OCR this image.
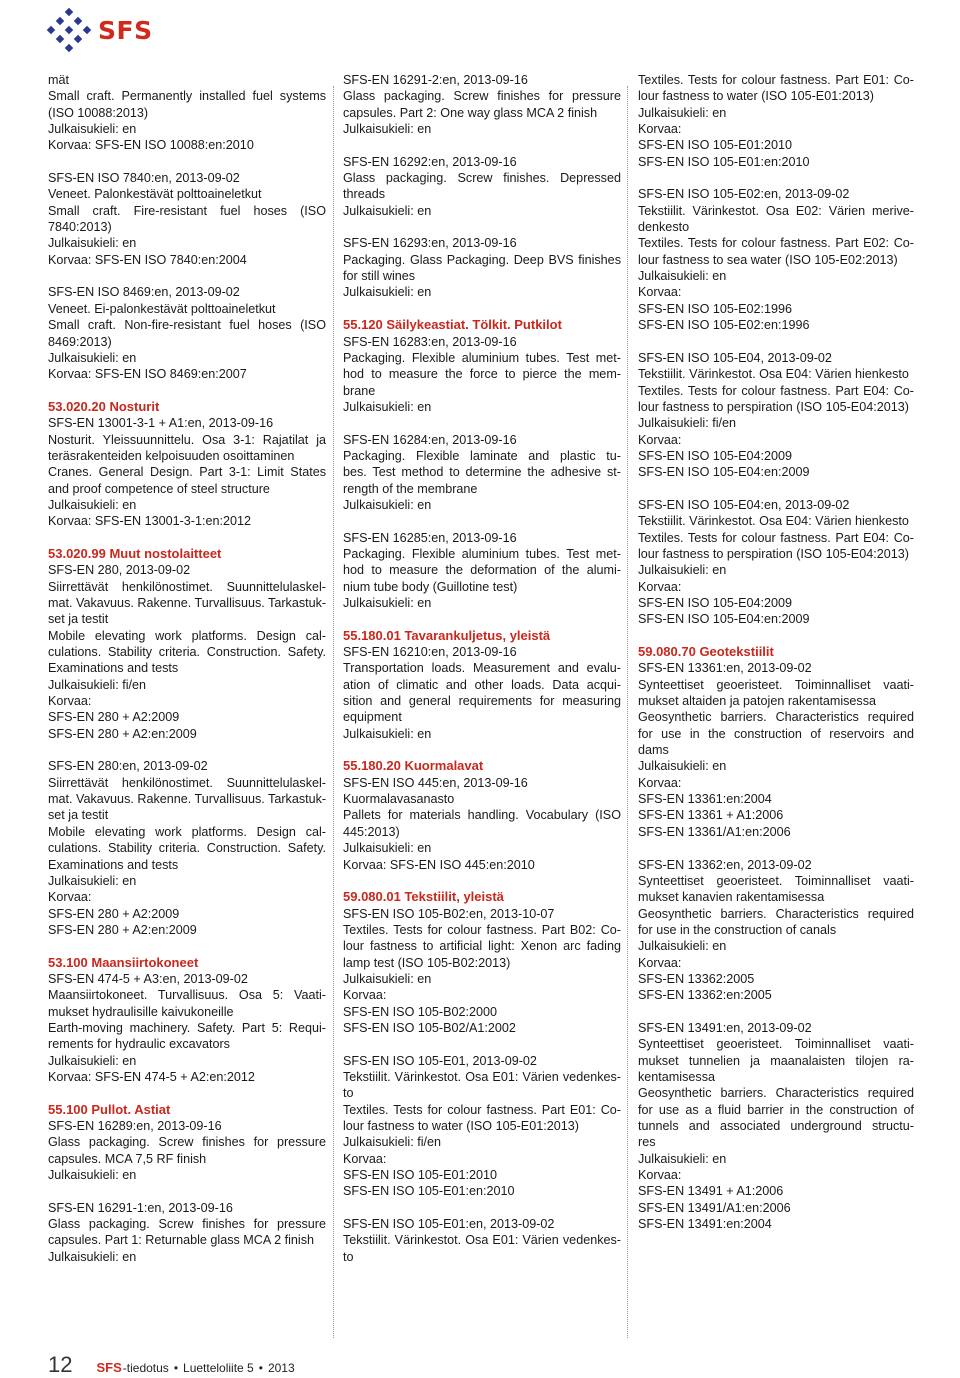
SFS
mät
Small craft. Permanently installed fuel systems
(ISO 10088:2013)
Julkaisukieli: en
Korvaa: SFS-EN ISO 10088:en:2010
SFS-EN ISO 7840:en, 2013-09-02
Veneet. Palonkestävät polttoaineletkut
Small craft. Fire-resistant fuel hoses (ISO
7840:2013)
Julkaisukieli: en
Korvaa: SFS-EN ISO 7840:en:2004
SFS-EN ISO 8469:en, 2013-09-02
Veneet. Ei-palonkestävät polttoaineletkut
Small craft. Non-fire-resistant fuel hoses (ISO
8469:2013)
Julkaisukieli: en
Korvaa: SFS-EN ISO 8469:en:2007
53.020.20 Nosturit
SFS-EN 13001-3-1 + A1:en, 2013-09-16
Nosturit. Yleissuunnittelu. Osa 3-1: Rajatilat ja
teräsrakenteiden kelpoisuuden osoittaminen
Cranes. General Design. Part 3-1: Limit States
and proof competence of steel structure
Julkaisukieli: en
Korvaa: SFS-EN 13001-3-1:en:2012
53.020.99 Muut nostolaitteet
SFS-EN 280, 2013-09-02
Siirrettävät henkilönostimet. Suunnittelulaskel-
mat. Vakavuus. Rakenne. Turvallisuus. Tarkastuk-
set ja testit
Mobile elevating work platforms. Design cal-
culations. Stability criteria. Construction. Safety.
Examinations and tests
Julkaisukieli: fi/en
Korvaa:
SFS-EN 280 + A2:2009
SFS-EN 280 + A2:en:2009
SFS-EN 280:en, 2013-09-02
Siirrettävät henkilönostimet. Suunnittelulaskel-
mat. Vakavuus. Rakenne. Turvallisuus. Tarkastuk-
set ja testit
Mobile elevating work platforms. Design cal-
culations. Stability criteria. Construction. Safety.
Examinations and tests
Julkaisukieli: en
Korvaa:
SFS-EN 280 + A2:2009
SFS-EN 280 + A2:en:2009
53.100 Maansiirtokoneet
SFS-EN 474-5 + A3:en, 2013-09-02
Maansiirtokoneet. Turvallisuus. Osa 5: Vaati-
mukset hydraulisille kaivukoneille
Earth-moving machinery. Safety. Part 5: Requi-
rements for hydraulic excavators
Julkaisukieli: en
Korvaa: SFS-EN 474-5 + A2:en:2012
55.100 Pullot. Astiat
SFS-EN 16289:en, 2013-09-16
Glass packaging. Screw finishes for pressure
capsules. MCA 7,5 RF finish
Julkaisukieli: en
SFS-EN 16291-1:en, 2013-09-16
Glass packaging. Screw finishes for pressure
capsules. Part 1: Returnable glass MCA 2 finish
Julkaisukieli: en
SFS-EN 16291-2:en, 2013-09-16
Glass packaging. Screw finishes for pressure
capsules. Part 2: One way glass MCA 2 finish
Julkaisukieli: en
SFS-EN 16292:en, 2013-09-16
Glass packaging. Screw finishes. Depressed
threads
Julkaisukieli: en
SFS-EN 16293:en, 2013-09-16
Packaging. Glass Packaging. Deep BVS finishes
for still wines
Julkaisukieli: en
55.120 Säilykeastiat. Tölkit. Putkilot
SFS-EN 16283:en, 2013-09-16
Packaging. Flexible aluminium tubes. Test met-
hod to measure the force to pierce the mem-
brane
Julkaisukieli: en
SFS-EN 16284:en, 2013-09-16
Packaging. Flexible laminate and plastic tu-
bes. Test method to determine the adhesive st-
rength of the membrane
Julkaisukieli: en
SFS-EN 16285:en, 2013-09-16
Packaging. Flexible aluminium tubes. Test met-
hod to measure the deformation of the alumi-
nium tube body (Guillotine test)
Julkaisukieli: en
55.180.01 Tavarankuljetus, yleistä
SFS-EN 16210:en, 2013-09-16
Transportation loads. Measurement and evalu-
ation of climatic and other loads. Data acqui-
sition and general requirements for measuring
equipment
Julkaisukieli: en
55.180.20 Kuormalavat
SFS-EN ISO 445:en, 2013-09-16
Kuormalavasanasto
Pallets for materials handling. Vocabulary (ISO
445:2013)
Julkaisukieli: en
Korvaa: SFS-EN ISO 445:en:2010
59.080.01 Tekstiilit, yleistä
SFS-EN ISO 105-B02:en, 2013-10-07
Textiles. Tests for colour fastness. Part B02: Co-
lour fastness to artificial light: Xenon arc fading
lamp test (ISO 105-B02:2013)
Julkaisukieli: en
Korvaa:
SFS-EN ISO 105-B02:2000
SFS-EN ISO 105-B02/A1:2002
SFS-EN ISO 105-E01, 2013-09-02
Tekstiilit. Värinkestot. Osa E01: Värien vedenkes-
to
Textiles. Tests for colour fastness. Part E01: Co-
lour fastness to water (ISO 105-E01:2013)
Julkaisukieli: fi/en
Korvaa:
SFS-EN ISO 105-E01:2010
SFS-EN ISO 105-E01:en:2010
SFS-EN ISO 105-E01:en, 2013-09-02
Tekstiilit. Värinkestot. Osa E01: Värien vedenkes-
to
Textiles. Tests for colour fastness. Part E01: Co-
lour fastness to water (ISO 105-E01:2013)
Julkaisukieli: en
Korvaa:
SFS-EN ISO 105-E01:2010
SFS-EN ISO 105-E01:en:2010
SFS-EN ISO 105-E02:en, 2013-09-02
Tekstiilit. Värinkestot. Osa E02: Värien merive-
denkesto
Textiles. Tests for colour fastness. Part E02: Co-
lour fastness to sea water (ISO 105-E02:2013)
Julkaisukieli: en
Korvaa:
SFS-EN ISO 105-E02:1996
SFS-EN ISO 105-E02:en:1996
SFS-EN ISO 105-E04, 2013-09-02
Tekstiilit. Värinkestot. Osa E04: Värien hienkesto
Textiles. Tests for colour fastness. Part E04: Co-
lour fastness to perspiration (ISO 105-E04:2013)
Julkaisukieli: fi/en
Korvaa:
SFS-EN ISO 105-E04:2009
SFS-EN ISO 105-E04:en:2009
SFS-EN ISO 105-E04:en, 2013-09-02
Tekstiilit. Värinkestot. Osa E04: Värien hienkesto
Textiles. Tests for colour fastness. Part E04: Co-
lour fastness to perspiration (ISO 105-E04:2013)
Julkaisukieli: en
Korvaa:
SFS-EN ISO 105-E04:2009
SFS-EN ISO 105-E04:en:2009
59.080.70 Geotekstiilit
SFS-EN 13361:en, 2013-09-02
Synteettiset geoeristeet. Toiminnalliset vaati-
mukset altaiden ja patojen rakentamisessa
Geosynthetic barriers. Characteristics required
for use in the construction of reservoirs and
dams
Julkaisukieli: en
Korvaa:
SFS-EN 13361:en:2004
SFS-EN 13361 + A1:2006
SFS-EN 13361/A1:en:2006
SFS-EN 13362:en, 2013-09-02
Synteettiset geoeristeet. Toiminnalliset vaati-
mukset kanavien rakentamisessa
Geosynthetic barriers. Characteristics required
for use in the construction of canals
Julkaisukieli: en
Korvaa:
SFS-EN 13362:2005
SFS-EN 13362:en:2005
SFS-EN 13491:en, 2013-09-02
Synteettiset geoeristeet. Toiminnalliset vaati-
mukset tunnelien ja maanalaisten tilojen ra-
kentamisessa
Geosynthetic barriers. Characteristics required
for use as a fluid barrier in the construction of
tunnels and associated underground structu-
res
Julkaisukieli: en
Korvaa:
SFS-EN 13491 + A1:2006
SFS-EN 13491/A1:en:2006
SFS-EN 13491:en:2004
12 SFS -tiedotus • Luetteloliite 5 • 2013
